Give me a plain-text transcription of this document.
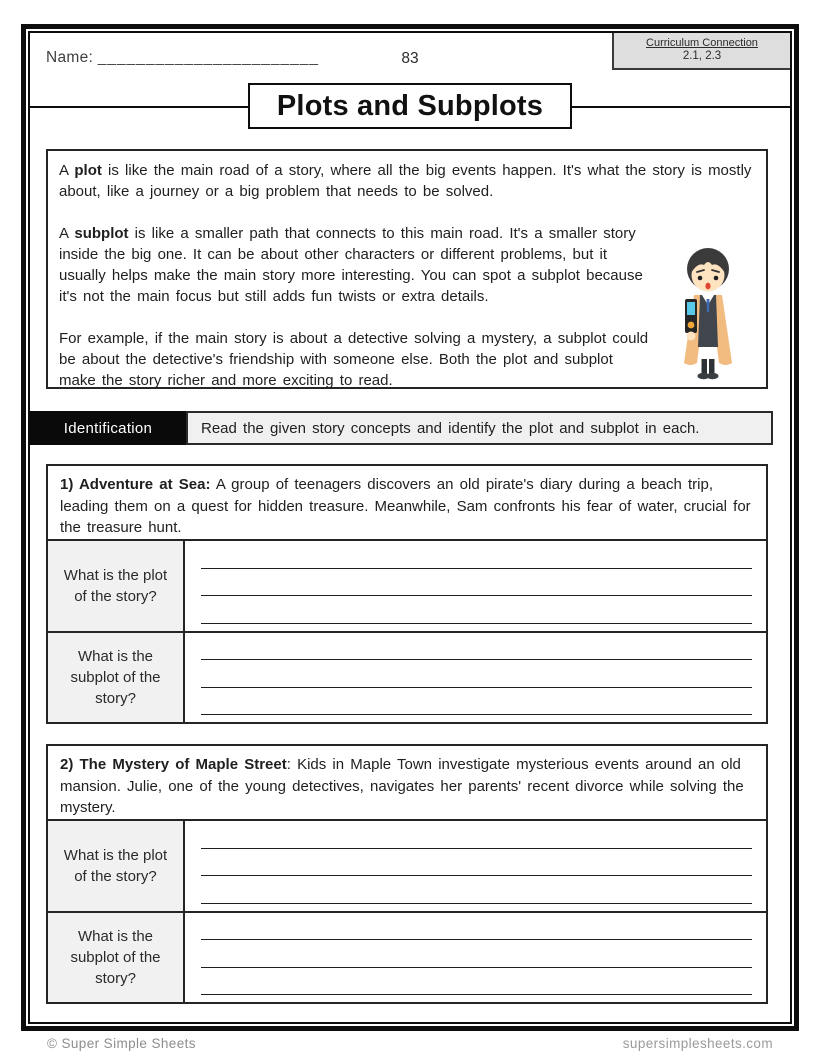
Name: _______________________	83
Curriculum Connection
2.1, 2.3
Plots and Subplots

A plot is like the main road of a story, where all the big events happen. It's what the story is mostly about, like a journey or a big problem that needs to be solved.

A subplot is like a smaller path that connects to this main road. It's a smaller story inside the big one. It can be about other characters or different problems, but it usually helps make the main story more interesting. You can spot a subplot because it's not the main focus but still adds fun twists or extra details.

For example, if the main story is about a detective solving a mystery, a subplot could be about the detective's friendship with someone else. Both the plot and subplot make the story richer and more exciting to read.

Identification	Read the given story concepts and identify the plot and subplot in each.
1) Adventure at Sea: A group of teenagers discovers an old pirate's diary during a beach trip, leading them on a quest for hidden treasure. Meanwhile, Sam confronts his fear of water, crucial for the treasure hunt.
What is the plot of the story?
What is the subplot of the story?
2) The Mystery of Maple Street: Kids in Maple Town investigate mysterious events around an old mansion. Julie, one of the young detectives, navigates her parents' recent divorce while solving the mystery.
What is the plot of the story?
What is the subplot of the story?
© Super Simple Sheets	supersimplesheets.com
